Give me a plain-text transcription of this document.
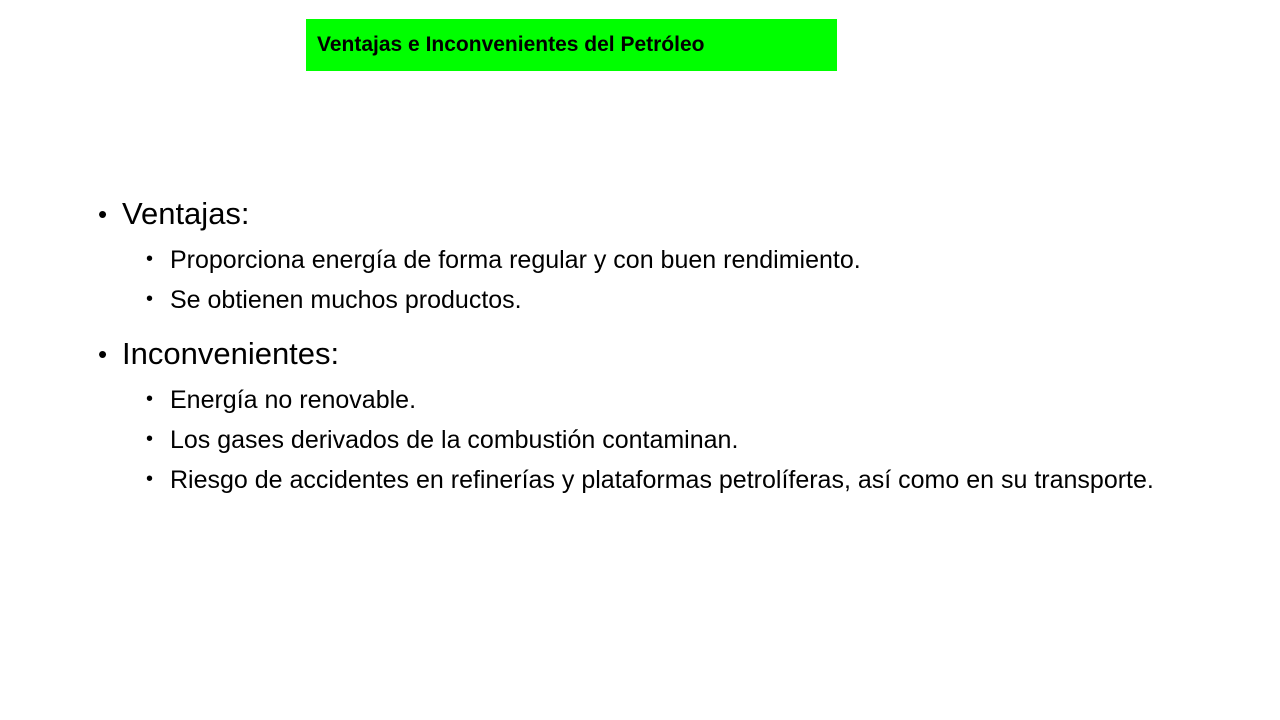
Ventajas e Inconvenientes del Petróleo
• Ventajas:
• Proporciona energía de forma regular y con buen rendimiento.
• Se obtienen muchos productos.
• Inconvenientes:
• Energía no renovable.
• Los gases derivados de la combustión contaminan.
• Riesgo de accidentes en refinerías y plataformas petrolíferas, así como en su transporte.
